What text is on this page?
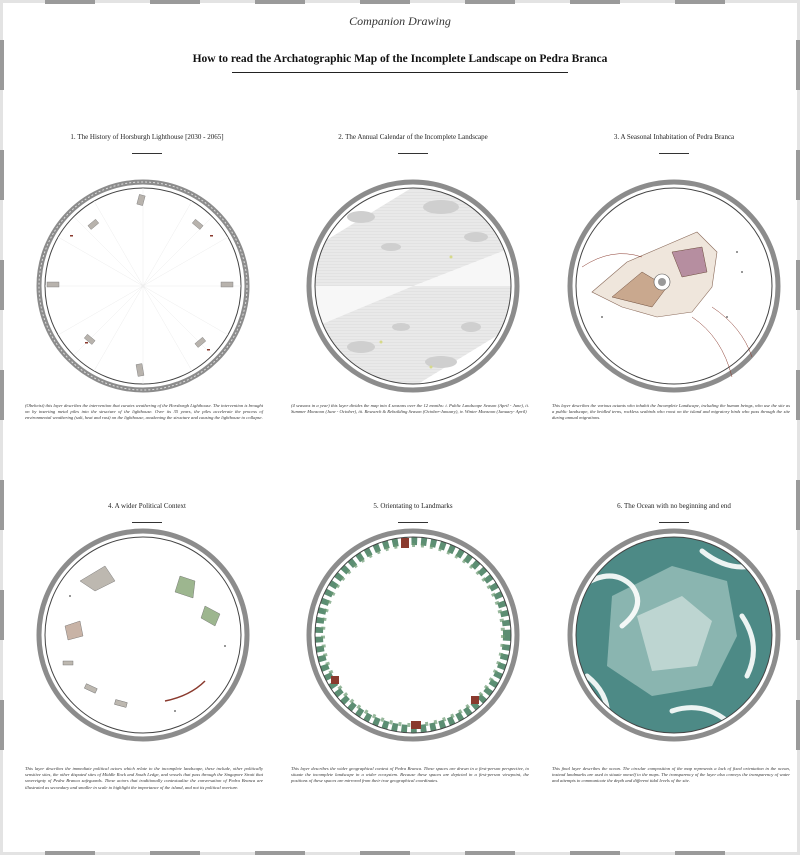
Companion Drawing
How to read the Archatographic Map of the Incomplete Landscape on Pedra Branca
1. The History of Horsburgh Lighthouse [2030 - 2065]
(Obeheist) this layer describes the intervention that curates weathering of the Horsburgh Lighthouse. The intervention is brought on by inserting metal piles into the structure of the lighthouse. Over its 35 years, the piles accelerate the process of environmental weathering (salt, heat and rust) on the lighthouse, awakening the structure and causing the lighthouse to collapse.
2. The Annual Calendar of the Incomplete Landscape
(4 seasons in a year) this layer divides the map into 4 seasons over the 12 months: i. Public Landscape Season (April - June), ii. Summer Monsoon (June - October), iii. Research & Rebuilding Season (October-January), iv. Winter Monsoon (January- April)
3. A Seasonal Inhabitation of Pedra Branca
This layer describes the various actants who inhabit the Incomplete Landscape, including the human beings, who use the site as a public landscape, the bridled terns, rockless seabirds who roost on the island and migratory birds who pass through the site during annual migrations.
4. A wider Political Context
This layer describes the immediate political actors which relate to the incomplete landscape, these include, other politically sensitive sites, the other disputed sites of Middle Rock and South Ledge, and vessels that pass through the Singapore Strait that sovereignty of Pedra Branca safeguards. These actors that traditionally contextualise the conversation of Pedra Branca are illustrated as secondary and smaller in scale to highlight the importance of the island, and not its political overture.
5. Orientating to Landmarks
This layer describes the wider geographical context of Pedra Branca. These spaces are drawn in a first-person perspective, to situate the incomplete landscape in a wider ecosystem. Because these spaces are depicted in a first-person viewpoint, the positions of these spaces are mirrored from their true geographical coordinates.
6. The Ocean with no beginning and end
This final layer describes the ocean. The circular composition of the map represents a lack of fixed orientation in the ocean, instead landmarks are used to situate oneself to the maps. The transparency of the layer also conveys the transparency of water and attempts to communicate the depth and different tidal levels of the site.
